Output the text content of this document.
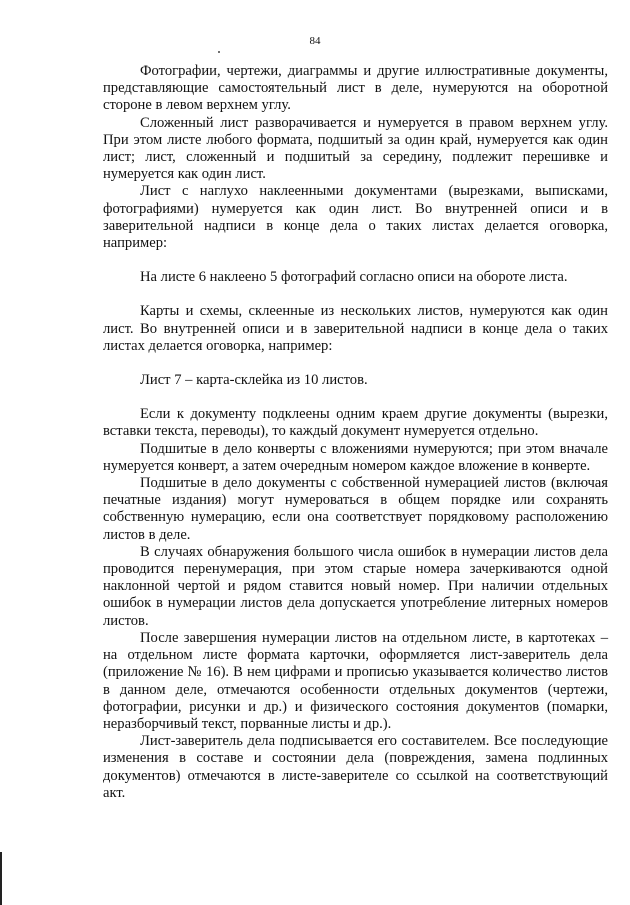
84

Фотографии, чертежи, диаграммы и другие иллюстративные документы, представляющие самостоятельный лист в деле, нумеруются на оборотной стороне в левом верхнем углу.

Сложенный лист разворачивается и нумеруется в правом верхнем углу. При этом листе любого формата, подшитый за один край, нумеруется как один лист; лист, сложенный и подшитый за середину, подлежит перешивке и нумеруется как один лист.

Лист с наглухо наклеенными документами (вырезками, выписками, фотографиями) нумеруется как один лист. Во внутренней описи и в заверительной надписи в конце дела о таких листах делается оговорка, например:

На листе 6 наклеено 5 фотографий согласно описи на обороте листа.

Карты и схемы, склеенные из нескольких листов, нумеруются как один лист. Во внутренней описи и в заверительной надписи в конце дела о таких листах делается оговорка, например:

Лист 7 – карта-склейка из 10 листов.

Если к документу подклеены одним краем другие документы (вырезки, вставки текста, переводы), то каждый документ нумеруется отдельно.

Подшитые в дело конверты с вложениями нумеруются; при этом вначале нумеруется конверт, а затем очередным номером каждое вложение в конверте.

Подшитые в дело документы с собственной нумерацией листов (включая печатные издания) могут нумероваться в общем порядке или сохранять собственную нумерацию, если она соответствует порядковому расположению листов в деле.

В случаях обнаружения большого числа ошибок в нумерации листов дела проводится перенумерация, при этом старые номера зачеркиваются одной наклонной чертой и рядом ставится новый номер. При наличии отдельных ошибок в нумерации листов дела допускается употребление литерных номеров листов.

После завершения нумерации листов на отдельном листе, в картотеках – на отдельном листе формата карточки, оформляется лист-заверитель дела (приложение № 16). В нем цифрами и прописью указывается количество листов в данном деле, отмечаются особенности отдельных документов (чертежи, фотографии, рисунки и др.) и физического состояния документов (помарки, неразборчивый текст, порванные листы и др.).

Лист-заверитель дела подписывается его составителем. Все последующие изменения в составе и состоянии дела (повреждения, замена подлинных документов) отмечаются в листе-заверителе со ссылкой на соответствующий акт.
